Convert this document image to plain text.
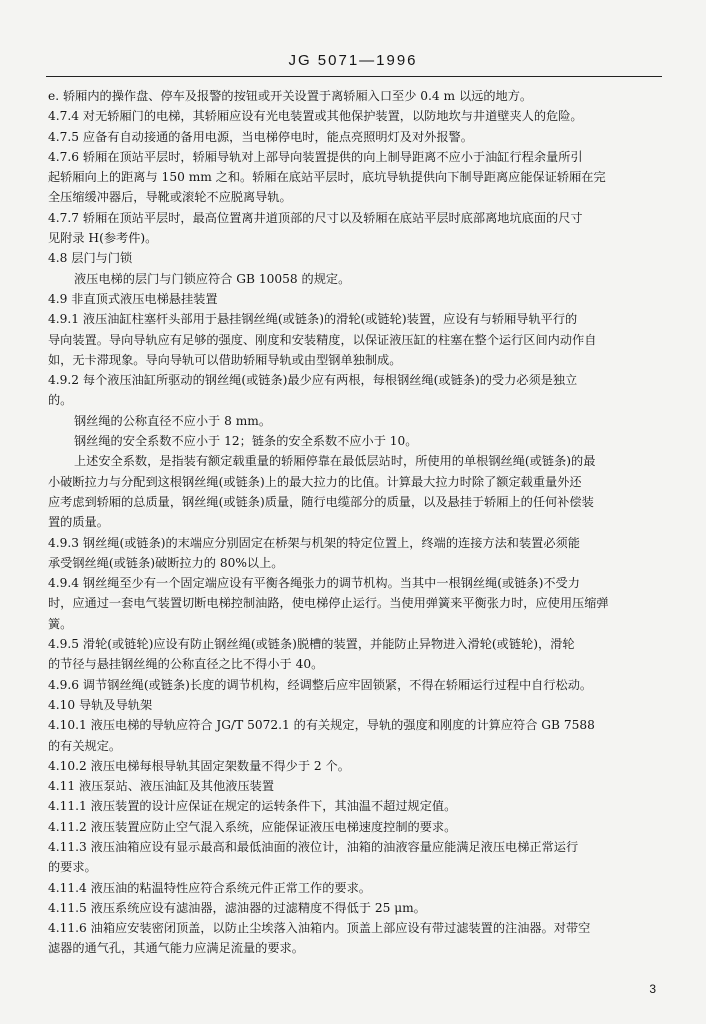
JG 5071—1996

e. 轿厢内的操作盘、停车及报警的按钮或开关设置于离轿厢入口至少 0.4 m 以远的地方。

4.7.4 对无轿厢门的电梯，其轿厢应设有光电装置或其他保护装置，以防地坎与井道壁夹人的危险。

4.7.5 应备有自动接通的备用电源，当电梯停电时，能点亮照明灯及对外报警。

4.7.6 轿厢在顶站平层时，轿厢导轨对上部导向装置提供的向上制导距离不应小于油缸行程余量所引

起轿厢向上的距离与 150 mm 之和。轿厢在底站平层时，底坑导轨提供向下制导距离应能保证轿厢在完

全压缩缓冲器后，导靴或滚轮不应脱离导轨。

4.7.7 轿厢在顶站平层时，最高位置离井道顶部的尺寸以及轿厢在底站平层时底部离地坑底面的尺寸

见附录 H(参考件)。

4.8 层门与门锁

液压电梯的层门与门锁应符合 GB 10058 的规定。

4.9 非直顶式液压电梯悬挂装置

4.9.1 液压油缸柱塞杆头部用于悬挂钢丝绳(或链条)的滑轮(或链轮)装置，应设有与轿厢导轨平行的

导向装置。导向导轨应有足够的强度、刚度和安装精度，以保证液压缸的柱塞在整个运行区间内动作自

如，无卡滞现象。导向导轨可以借助轿厢导轨或由型钢单独制成。

4.9.2 每个液压油缸所驱动的钢丝绳(或链条)最少应有两根，每根钢丝绳(或链条)的受力必须是独立

的。

钢丝绳的公称直径不应小于 8 mm。

钢丝绳的安全系数不应小于 12；链条的安全系数不应小于 10。

上述安全系数，是指装有额定载重量的轿厢停靠在最低层站时，所使用的单根钢丝绳(或链条)的最

小破断拉力与分配到这根钢丝绳(或链条)上的最大拉力的比值。计算最大拉力时除了额定载重量外还

应考虑到轿厢的总质量，钢丝绳(或链条)质量，随行电缆部分的质量，以及悬挂于轿厢上的任何补偿装

置的质量。

4.9.3 钢丝绳(或链条)的末端应分别固定在桥架与机架的特定位置上，终端的连接方法和装置必须能

承受钢丝绳(或链条)破断拉力的 80%以上。

4.9.4 钢丝绳至少有一个固定端应设有平衡各绳张力的调节机构。当其中一根钢丝绳(或链条)不受力

时，应通过一套电气装置切断电梯控制油路，使电梯停止运行。当使用弹簧来平衡张力时，应使用压缩弹

簧。

4.9.5 滑轮(或链轮)应设有防止钢丝绳(或链条)脱槽的装置，并能防止异物进入滑轮(或链轮)，滑轮

的节径与悬挂钢丝绳的公称直径之比不得小于 40。

4.9.6 调节钢丝绳(或链条)长度的调节机构，经调整后应牢固锁紧，不得在轿厢运行过程中自行松动。

4.10 导轨及导轨架

4.10.1 液压电梯的导轨应符合 JG/T 5072.1 的有关规定，导轨的强度和刚度的计算应符合 GB 7588

的有关规定。

4.10.2 液压电梯每根导轨其固定架数量不得少于 2 个。

4.11 液压泵站、液压油缸及其他液压装置

4.11.1 液压装置的设计应保证在规定的运转条件下，其油温不超过规定值。

4.11.2 液压装置应防止空气混入系统，应能保证液压电梯速度控制的要求。

4.11.3 液压油箱应设有显示最高和最低油面的液位计，油箱的油液容量应能满足液压电梯正常运行

的要求。

4.11.4 液压油的粘温特性应符合系统元件正常工作的要求。

4.11.5 液压系统应设有滤油器，滤油器的过滤精度不得低于 25 μm。

4.11.6 油箱应安装密闭顶盖，以防止尘埃落入油箱内。顶盖上部应设有带过滤装置的注油器。对带空

滤器的通气孔，其通气能力应满足流量的要求。

3
